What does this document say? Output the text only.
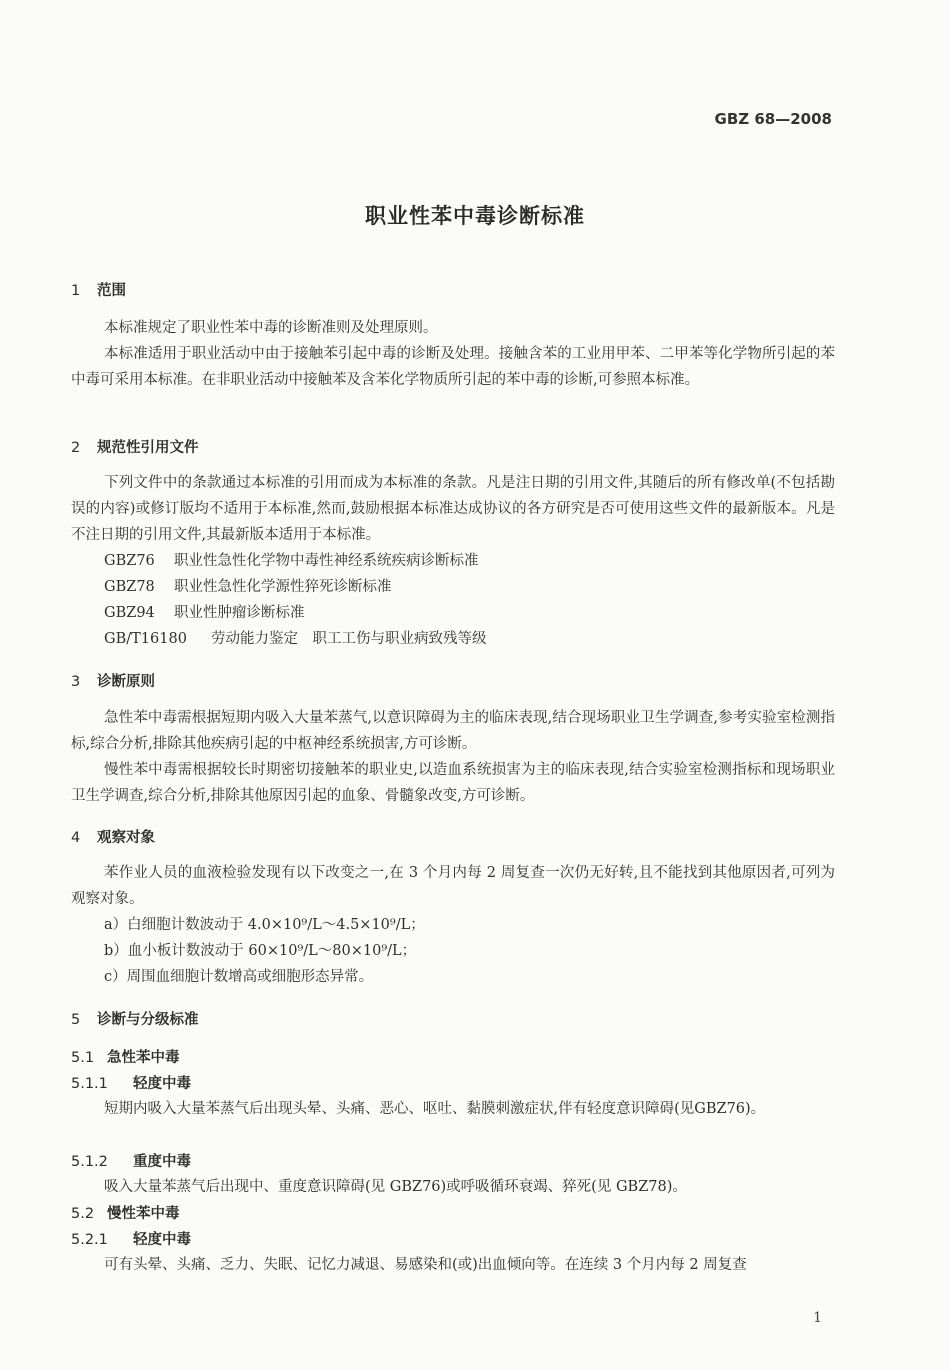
GBZ 68—2008
职业性苯中毒诊断标准
1 范围
本标准规定了职业性苯中毒的诊断准则及处理原则。
本标准适用于职业活动中由于接触苯引起中毒的诊断及处理。接触含苯的工业用甲苯、二甲苯等化学物所引起的苯中毒可采用本标准。在非职业活动中接触苯及含苯化学物质所引起的苯中毒的诊断,可参照本标准。
2 规范性引用文件
下列文件中的条款通过本标准的引用而成为本标准的条款。凡是注日期的引用文件,其随后的所有修改单(不包括勘误的内容)或修订版均不适用于本标准,然而,鼓励根据本标准达成协议的各方研究是否可使用这些文件的最新版本。凡是不注日期的引用文件,其最新版本适用于本标准。
GBZ76 职业性急性化学物中毒性神经系统疾病诊断标准
GBZ78 职业性急性化学源性猝死诊断标准
GBZ94 职业性肿瘤诊断标准
GB/T16180 劳动能力鉴定　职工工伤与职业病致残等级
3 诊断原则
急性苯中毒需根据短期内吸入大量苯蒸气,以意识障碍为主的临床表现,结合现场职业卫生学调查,参考实验室检测指标,综合分析,排除其他疾病引起的中枢神经系统损害,方可诊断。
慢性苯中毒需根据较长时期密切接触苯的职业史,以造血系统损害为主的临床表现,结合实验室检测指标和现场职业卫生学调查,综合分析,排除其他原因引起的血象、骨髓象改变,方可诊断。
4 观察对象
苯作业人员的血液检验发现有以下改变之一,在 3 个月内每 2 周复查一次仍无好转,且不能找到其他原因者,可列为观察对象。
a）白细胞计数波动于 4.0×10⁹/L～4.5×10⁹/L；
b）血小板计数波动于 60×10⁹/L～80×10⁹/L；
c）周围血细胞计数增高或细胞形态异常。
5 诊断与分级标准
5.1 急性苯中毒
5.1.1 轻度中毒
短期内吸入大量苯蒸气后出现头晕、头痛、恶心、呕吐、黏膜刺激症状,伴有轻度意识障碍(见GBZ76)。
5.1.2 重度中毒
吸入大量苯蒸气后出现中、重度意识障碍(见 GBZ76)或呼吸循环衰竭、猝死(见 GBZ78)。
5.2 慢性苯中毒
5.2.1 轻度中毒
可有头晕、头痛、乏力、失眠、记忆力减退、易感染和(或)出血倾向等。在连续 3 个月内每 2 周复查
1
